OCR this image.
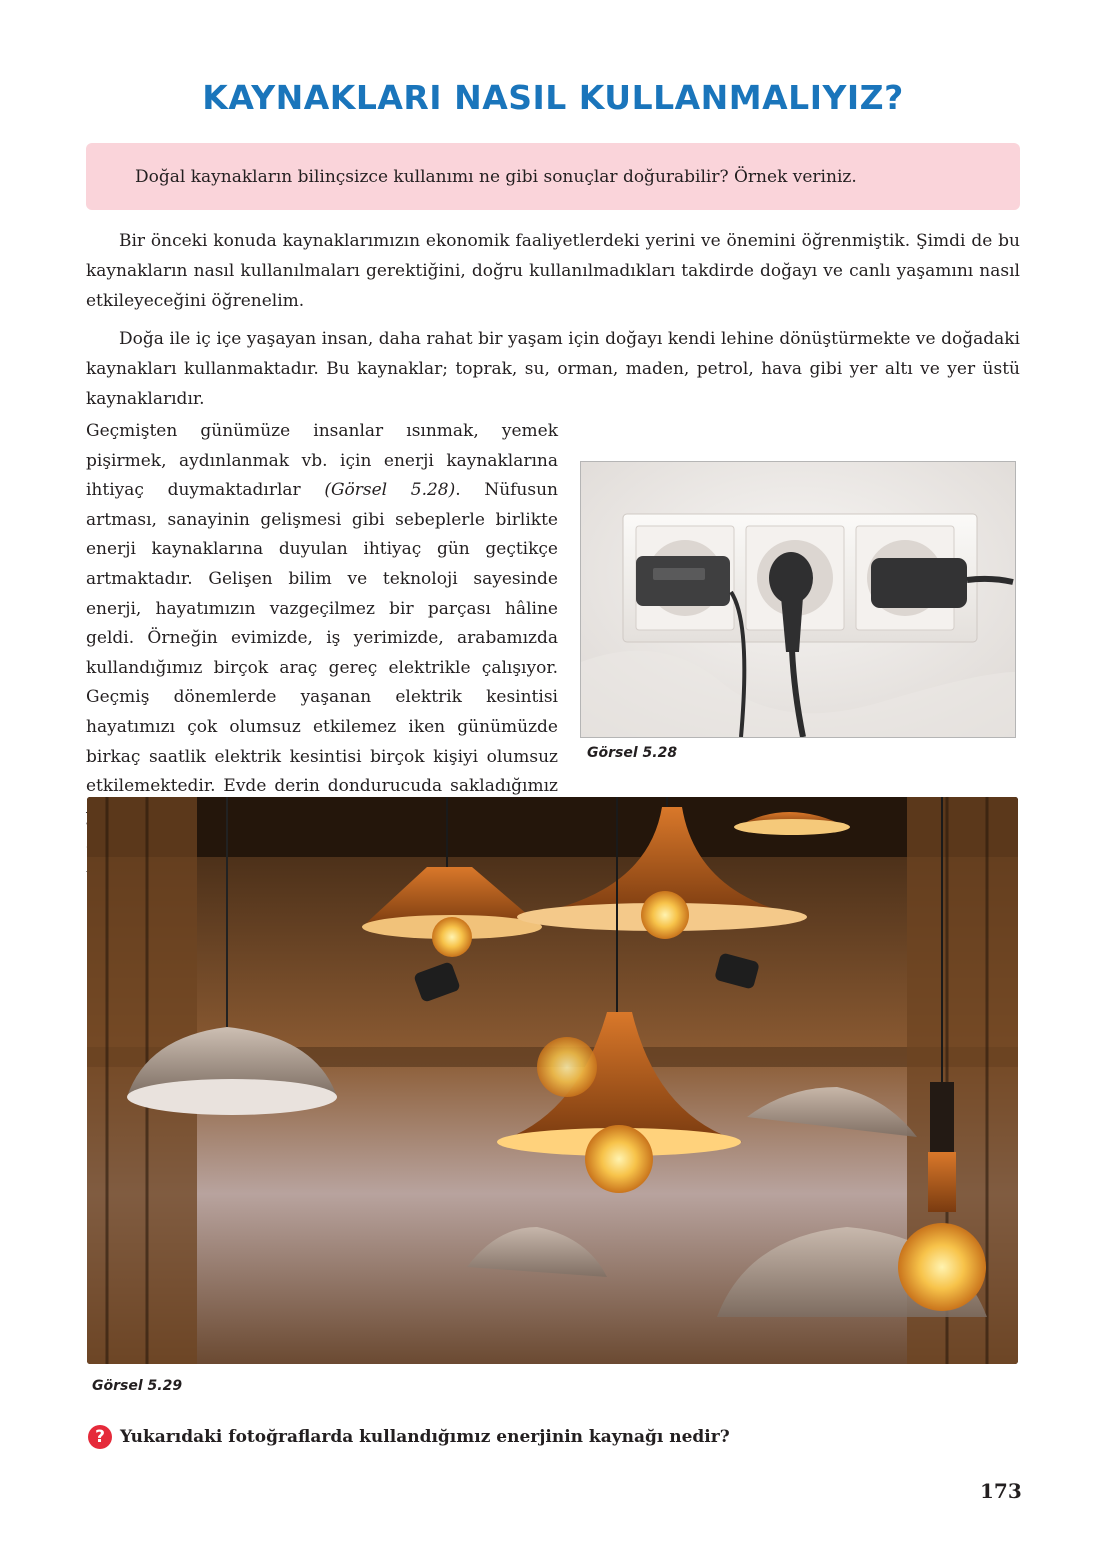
KAYNAKLARI NASIL KULLANMALIYIZ?
Doğal kaynakların bilinçsizce kullanımı ne gibi sonuçlar doğurabilir? Örnek veriniz.

Bir önceki konuda kaynaklarımızın ekonomik faaliyetlerdeki yerini ve önemini öğrenmiştik. Şimdi de bu kaynakların nasıl kullanılmaları gerektiğini, doğru kullanılmadıkları takdirde doğayı ve canlı yaşamını nasıl etkileyeceğini öğrenelim.

Doğa ile iç içe yaşayan insan, daha rahat bir yaşam için doğayı kendi lehine dönüştürmekte ve doğadaki kaynakları kullanmaktadır. Bu kaynaklar; toprak, su, orman, maden, petrol, hava gibi yer altı ve yer üstü kaynaklarıdır.

Geçmişten günümüze insanlar ısınmak, yemek pişirmek, aydınlanmak vb. için enerji kaynaklarına ihtiyaç duymaktadırlar (Görsel 5.28). Nüfusun artması, sanayinin gelişmesi gibi sebeplerle birlikte enerji kaynaklarına duyulan ihtiyaç gün geçtikçe artmaktadır. Gelişen bilim ve teknoloji sayesinde enerji, hayatımızın vazgeçilmez bir parçası hâline geldi. Örneğin evimizde, iş yerimizde, arabamızda kullandığımız birçok araç gereç elektrikle çalışıyor. Geçmiş dönemlerde yaşanan elektrik kesintisi hayatımızı çok olumsuz etkilemez iken günümüzde birkaç saatlik elektrik kesintisi birçok kişiyi olumsuz etkilemektedir. Evde derin dondurucuda sakladığımız

Görsel 5.28
Görsel 5.29
? Yukarıdaki fotoğraflarda kullandığımız enerjinin kaynağı nedir?
173
